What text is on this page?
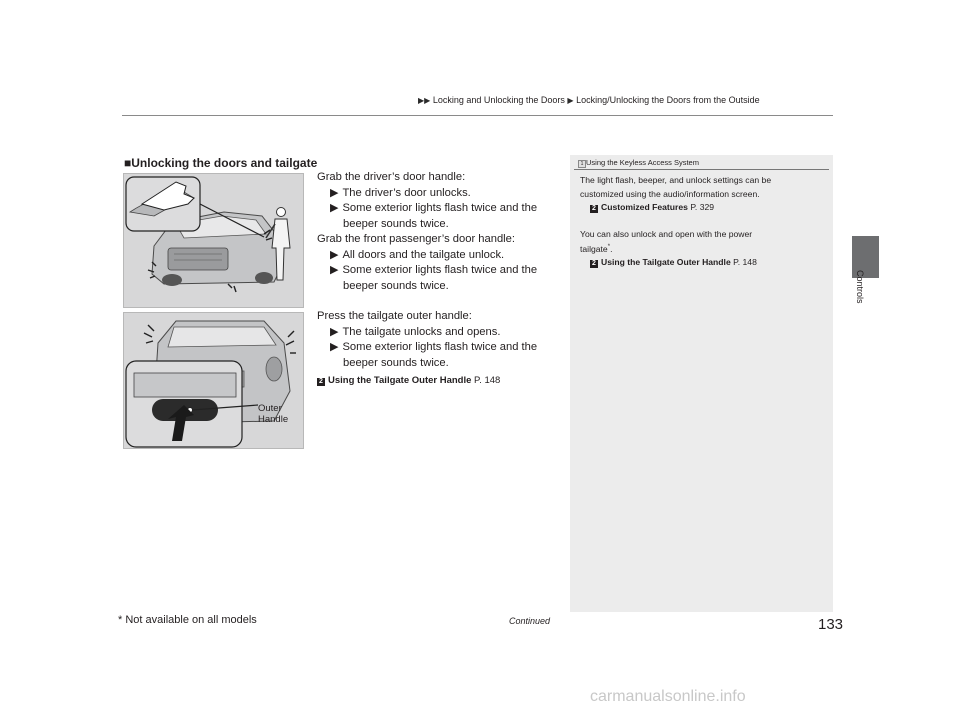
▶▶ Locking and Unlocking the Doors ▶ Locking/Unlocking the Doors from the Outside
Controls
■Unlocking the doors and tailgate
Outer
Handle
Grab the driver’s door handle:
▶ The driver’s door unlocks.
▶ Some exterior lights flash twice and the
beeper sounds twice.
Grab the front passenger’s door handle:
▶ All doors and the tailgate unlock.
▶ Some exterior lights flash twice and the
beeper sounds twice.
Press the tailgate outer handle:
▶ The tailgate unlocks and opens.
▶ Some exterior lights flash twice and the
beeper sounds twice.
2 Using the Tailgate Outer Handle P. 148
1 Using the Keyless Access System
The light flash, beeper, and unlock settings can be
customized using the audio/information screen.
2 Customized Features P. 329
You can also unlock and open with the power
tailgate*.
2 Using the Tailgate Outer Handle P. 148
* Not available on all models	Continued	133
carmanualsonline.info
